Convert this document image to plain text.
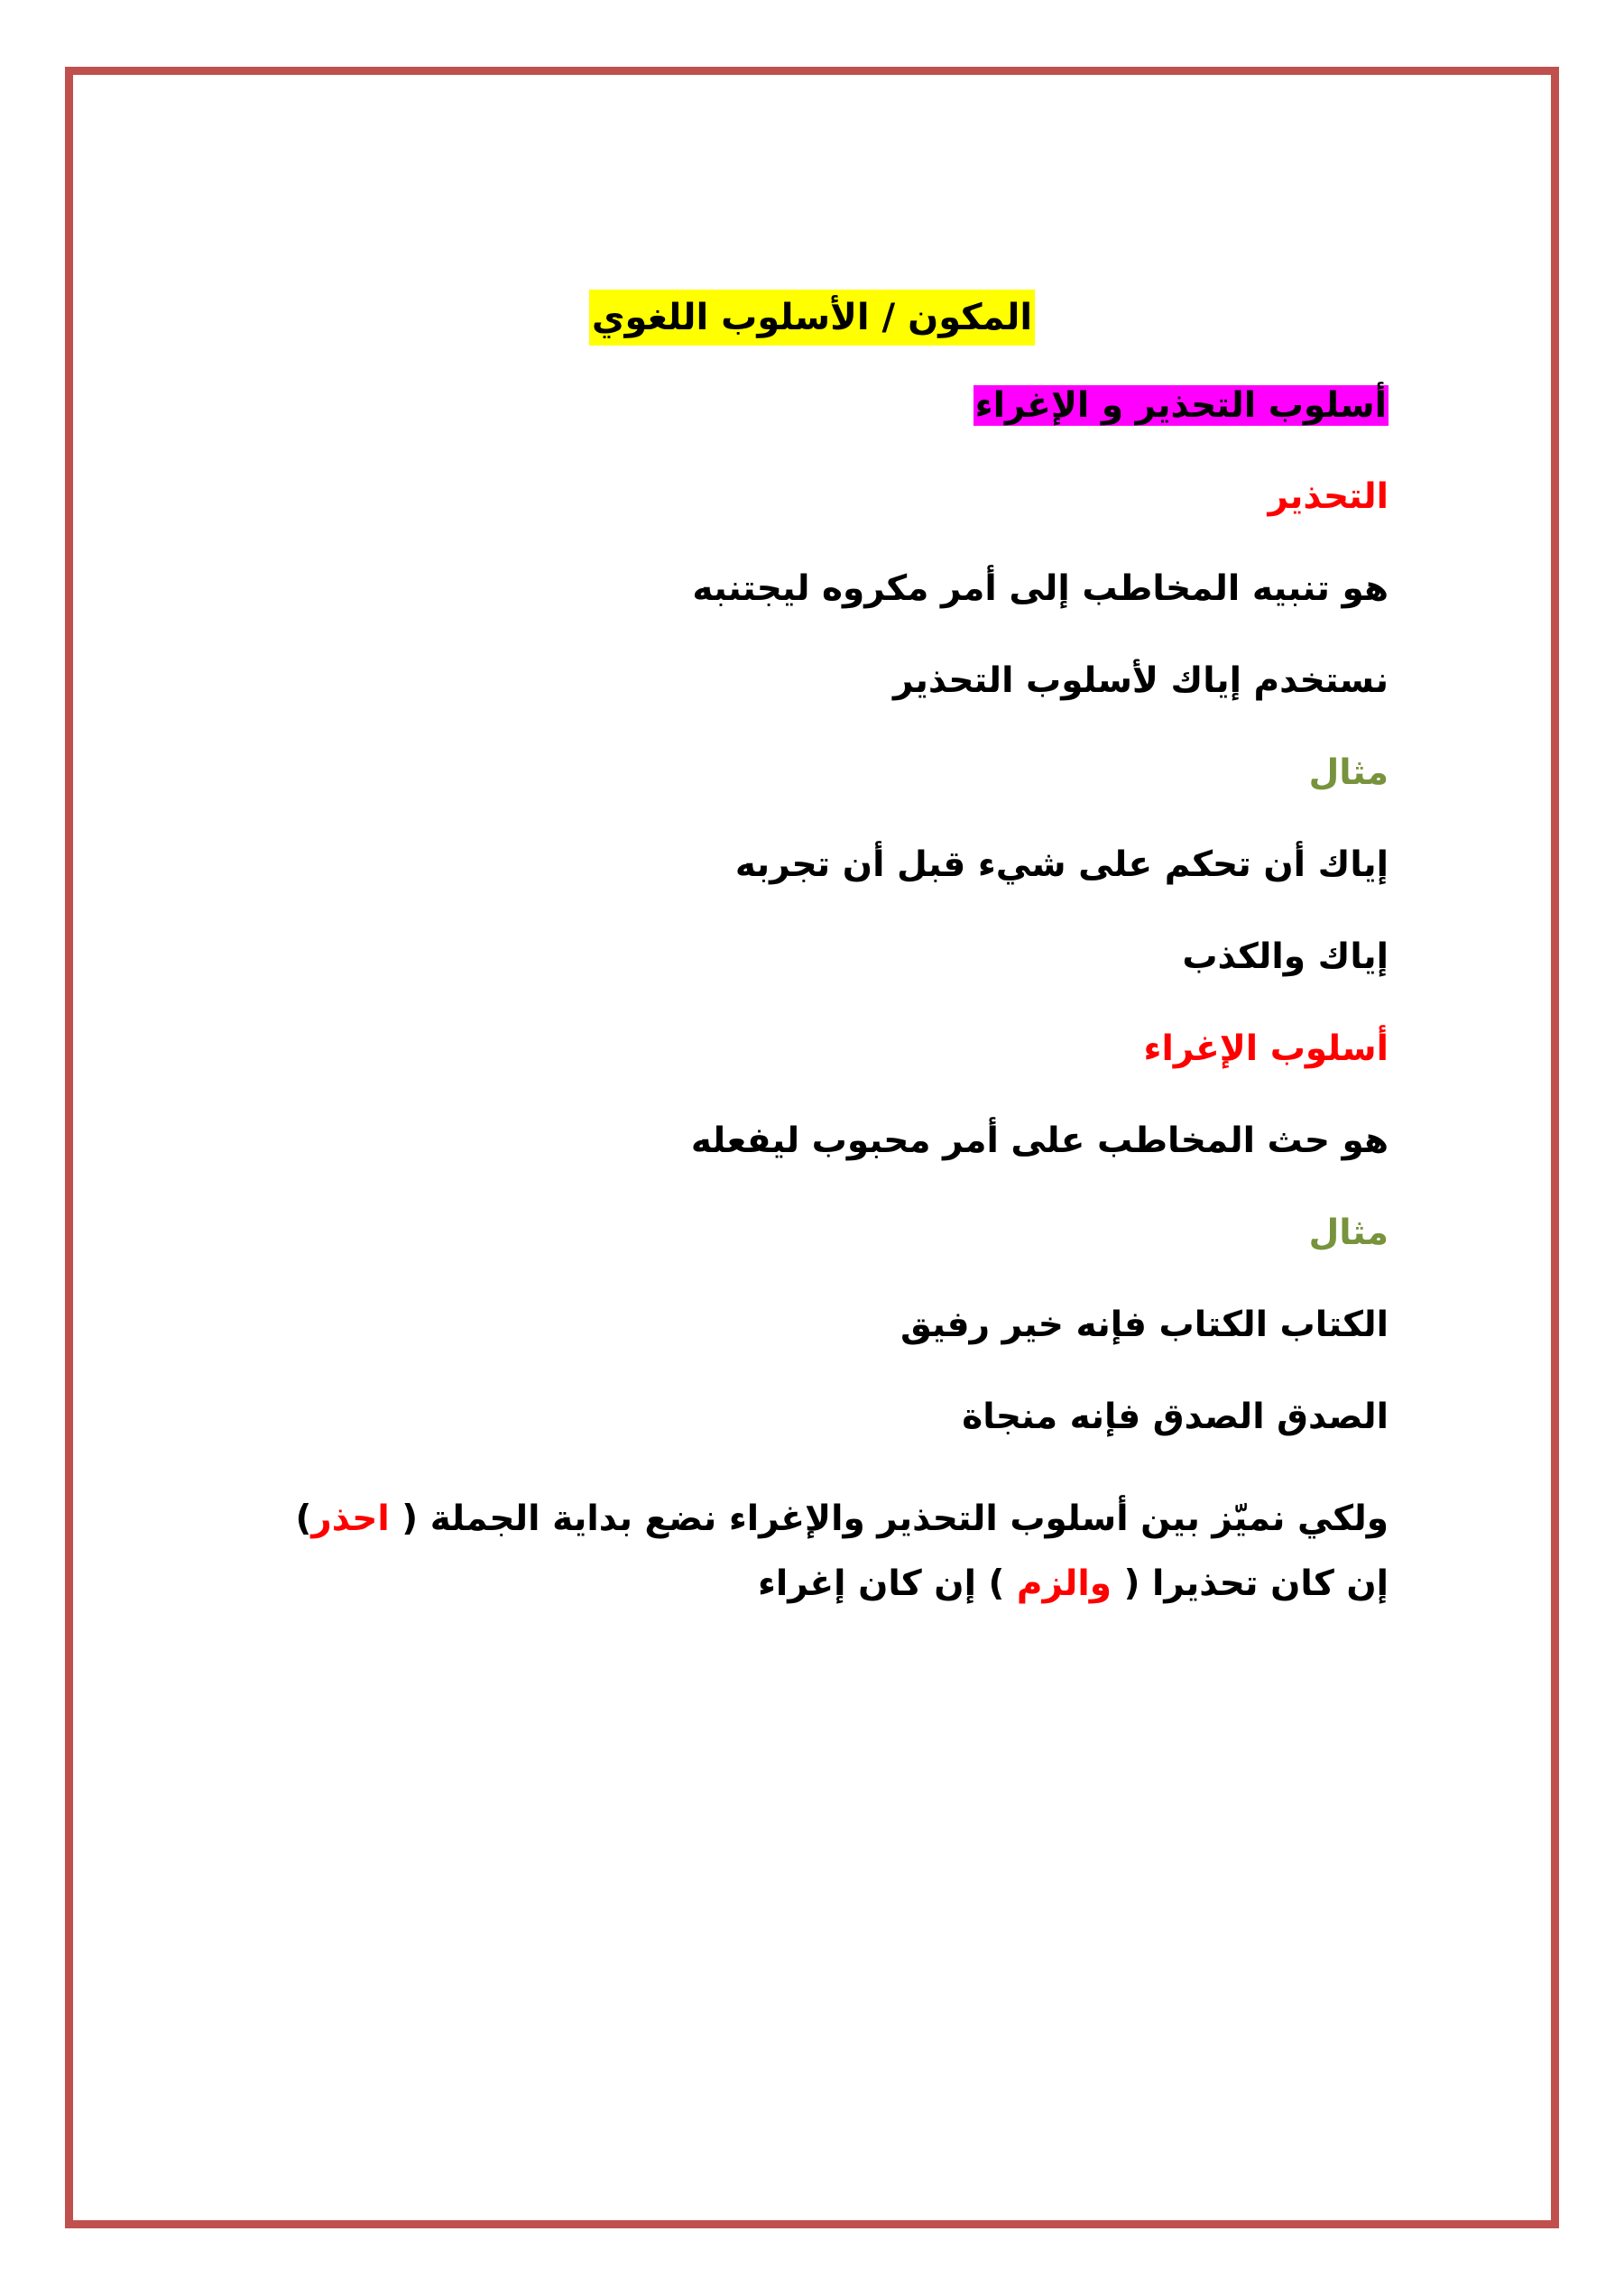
المكون / الأسلوب اللغوي
أسلوب التحذير و الإغراء
التحذير
هو تنبيه المخاطب إلى أمر مكروه ليجتنبه
نستخدم إياك لأسلوب التحذير
مثال
إياك أن تحكم على شيء قبل أن تجربه
إياك والكذب
أسلوب الإغراء
هو حث المخاطب على أمر محبوب ليفعله
مثال
الكتاب الكتاب فإنه خير رفيق
الصدق الصدق فإنه منجاة
ولكي نميّز بين أسلوب التحذير والإغراء نضع بداية الجملة ( احذر) إن كان تحذيرا ( والزم ) إن كان إغراء
